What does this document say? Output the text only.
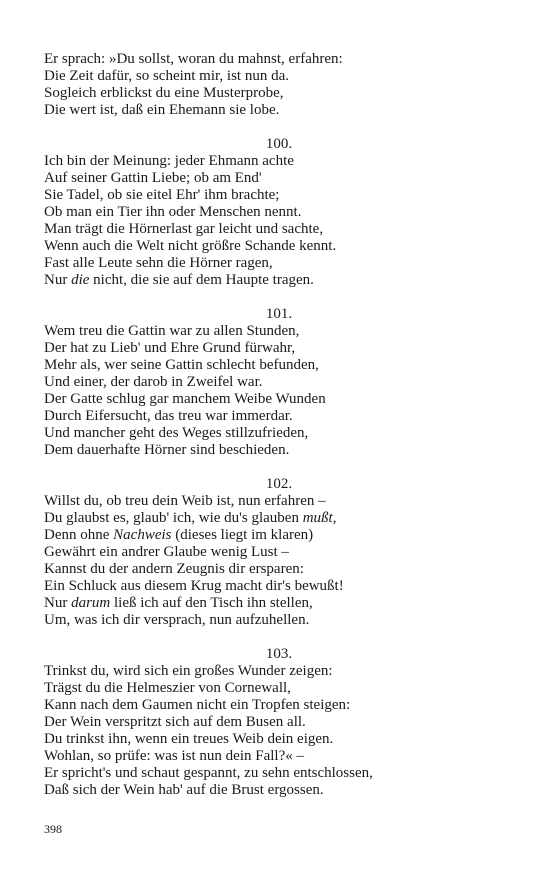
Er sprach: »Du sollst, woran du mahnst, erfahren:
Die Zeit dafür, so scheint mir, ist nun da.
Sogleich erblickst du eine Musterprobe,
Die wert ist, daß ein Ehemann sie lobe.
100.
Ich bin der Meinung: jeder Ehmann achte
Auf seiner Gattin Liebe; ob am End'
Sie Tadel, ob sie eitel Ehr' ihm brachte;
Ob man ein Tier ihn oder Menschen nennt.
Man trägt die Hörnerlast gar leicht und sachte,
Wenn auch die Welt nicht größre Schande kennt.
Fast alle Leute sehn die Hörner ragen,
Nur die nicht, die sie auf dem Haupte tragen.
101.
Wem treu die Gattin war zu allen Stunden,
Der hat zu Lieb' und Ehre Grund fürwahr,
Mehr als, wer seine Gattin schlecht befunden,
Und einer, der darob in Zweifel war.
Der Gatte schlug gar manchem Weibe Wunden
Durch Eifersucht, das treu war immerdar.
Und mancher geht des Weges stillzufrieden,
Dem dauerhafte Hörner sind beschieden.
102.
Willst du, ob treu dein Weib ist, nun erfahren –
Du glaubst es, glaub' ich, wie du's glauben mußt,
Denn ohne Nachweis (dieses liegt im klaren)
Gewährt ein andrer Glaube wenig Lust –
Kannst du der andern Zeugnis dir ersparen:
Ein Schluck aus diesem Krug macht dir's bewußt!
Nur darum ließ ich auf den Tisch ihn stellen,
Um, was ich dir versprach, nun aufzuhellen.
103.
Trinkst du, wird sich ein großes Wunder zeigen:
Trägst du die Helmeszier von Cornewall,
Kann nach dem Gaumen nicht ein Tropfen steigen:
Der Wein verspritzt sich auf dem Busen all.
Du trinkst ihn, wenn ein treues Weib dein eigen.
Wohlan, so prüfe: was ist nun dein Fall?« –
Er spricht's und schaut gespannt, zu sehn entschlossen,
Daß sich der Wein hab' auf die Brust ergossen.
398
